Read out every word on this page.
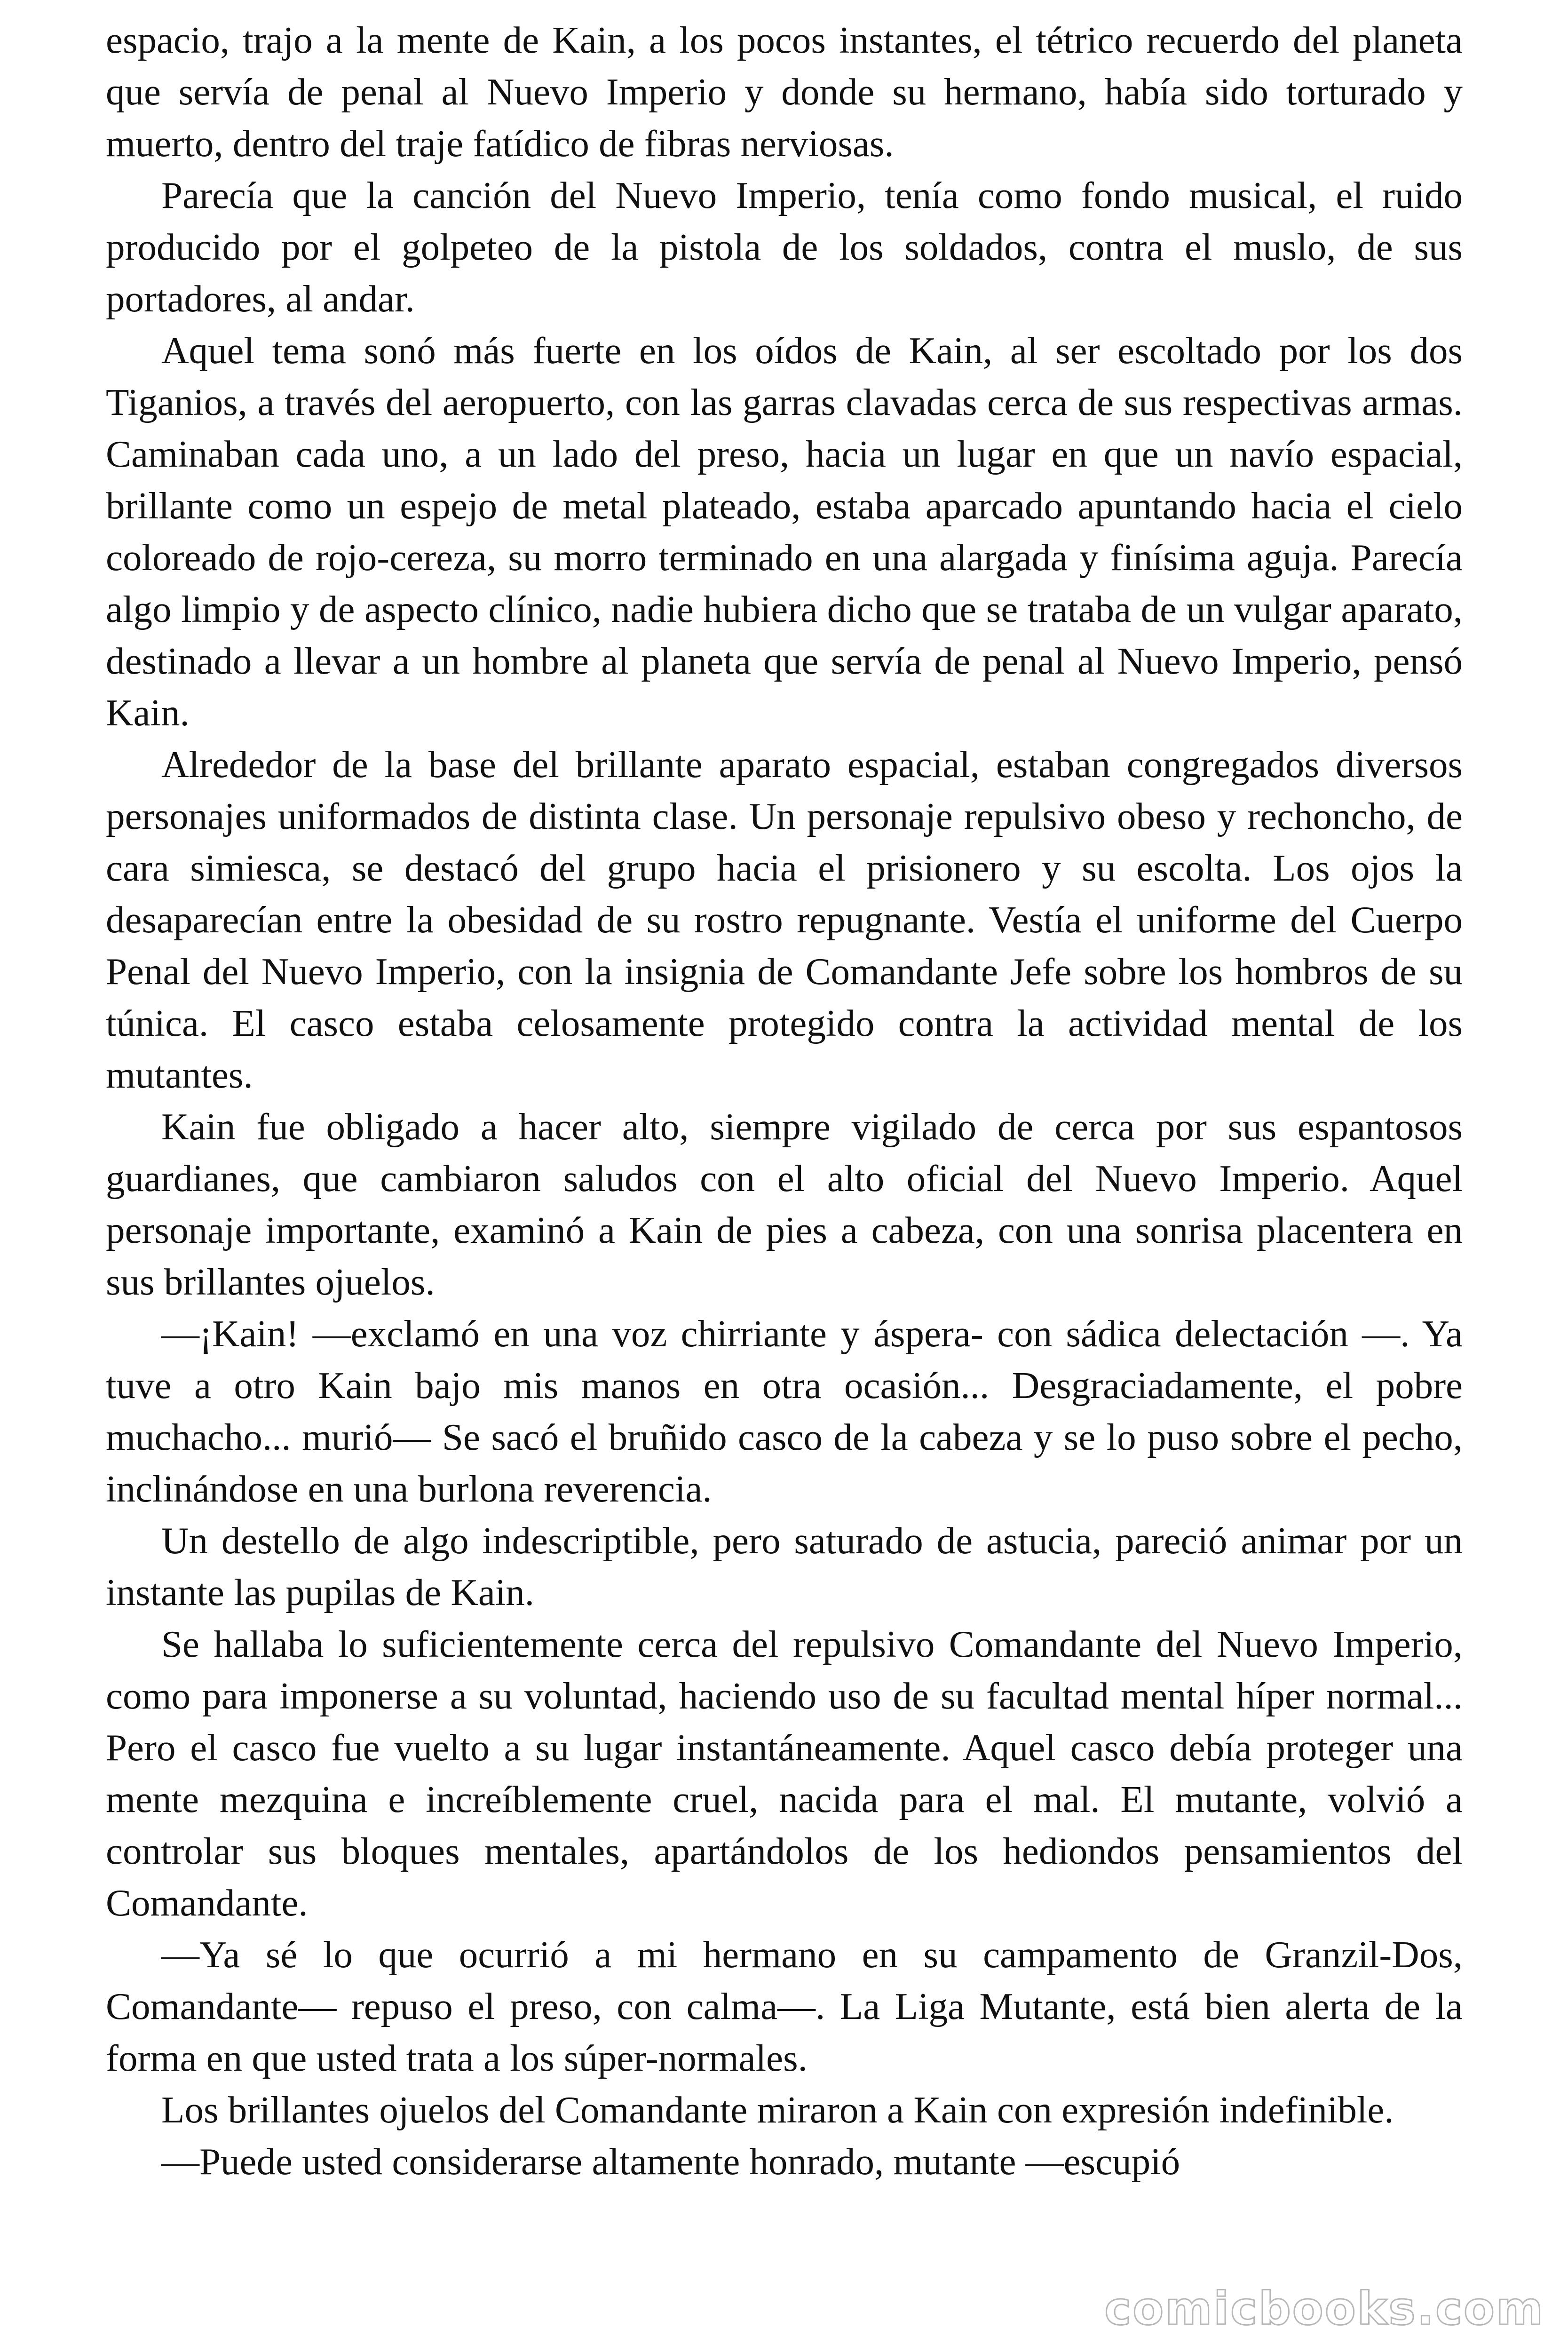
espacio, trajo a la mente de Kain, a los pocos instantes, el tétrico recuerdo del planeta que servía de penal al Nuevo Imperio y donde su hermano, había sido torturado y muerto, dentro del traje fatídico de fibras nerviosas.

Parecía que la canción del Nuevo Imperio, tenía como fondo musical, el ruido producido por el golpeteo de la pistola de los soldados, contra el muslo, de sus portadores, al andar.

Aquel tema sonó más fuerte en los oídos de Kain, al ser escoltado por los dos Tiganios, a través del aeropuerto, con las garras clavadas cerca de sus respectivas armas. Caminaban cada uno, a un lado del preso, hacia un lugar en que un navío espacial, brillante como un espejo de metal plateado, estaba aparcado apuntando hacia el cielo coloreado de rojo-cereza, su morro terminado en una alargada y finísima aguja. Parecía algo limpio y de aspecto clínico, nadie hubiera dicho que se trataba de un vulgar aparato, destinado a llevar a un hombre al planeta que servía de penal al Nuevo Imperio, pensó Kain.

Alrededor de la base del brillante aparato espacial, estaban congregados diversos personajes uniformados de distinta clase. Un personaje repulsivo obeso y rechoncho, de cara simiesca, se destacó del grupo hacia el prisionero y su escolta. Los ojos la desaparecían entre la obesidad de su rostro repugnante. Vestía el uniforme del Cuerpo Penal del Nuevo Imperio, con la insignia de Comandante Jefe sobre los hombros de su túnica. El casco estaba celosamente protegido contra la actividad mental de los mutantes.

Kain fue obligado a hacer alto, siempre vigilado de cerca por sus espantosos guardianes, que cambiaron saludos con el alto oficial del Nuevo Imperio. Aquel personaje importante, examinó a Kain de pies a cabeza, con una sonrisa placentera en sus brillantes ojuelos.

—¡Kain! —exclamó en una voz chirriante y áspera- con sádica delectación —. Ya tuve a otro Kain bajo mis manos en otra ocasión... Desgraciadamente, el pobre muchacho... murió— Se sacó el bruñido casco de la cabeza y se lo puso sobre el pecho, inclinándose en una burlona reverencia.

Un destello de algo indescriptible, pero saturado de astucia, pareció animar por un instante las pupilas de Kain.

Se hallaba lo suficientemente cerca del repulsivo Comandante del Nuevo Imperio, como para imponerse a su voluntad, haciendo uso de su facultad mental híper normal... Pero el casco fue vuelto a su lugar instantáneamente. Aquel casco debía proteger una mente mezquina e increíblemente cruel, nacida para el mal. El mutante, volvió a controlar sus bloques mentales, apartándolos de los hediondos pensamientos del Comandante.

—Ya sé lo que ocurrió a mi hermano en su campamento de Granzil-Dos, Comandante— repuso el preso, con calma—. La Liga Mutante, está bien alerta de la forma en que usted trata a los súper-normales.

Los brillantes ojuelos del Comandante miraron a Kain con expresión indefinible.

—Puede usted considerarse altamente honrado, mutante —escupió

comicbooks.com
